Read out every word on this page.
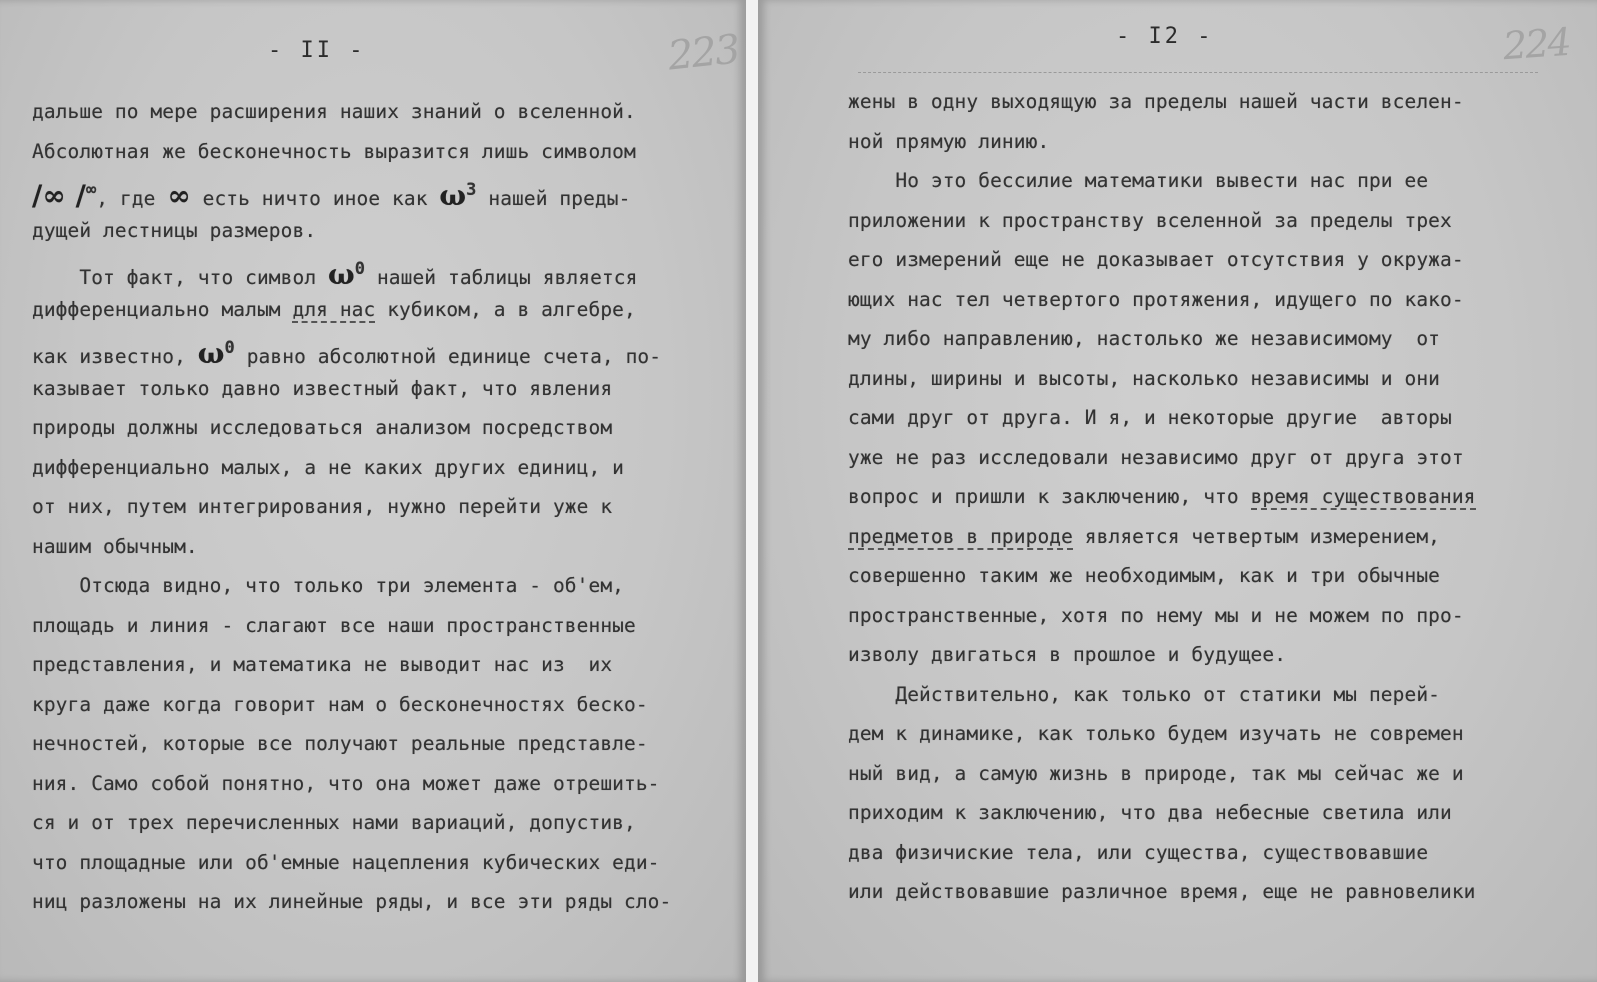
- II -	223
дальше по мере расширения наших знаний о вселенной.
Абсолютная же бесконечность выразится лишь символом
/∞ /∞, где ∞ есть ничто иное как ω3 нашей преды-
дущей лестницы размеров.
Тот факт, что символ ω0 нашей таблицы является
дифференциально малым для нас кубиком, а в алгебре,
как известно, ω0 равно абсолютной единице счета, по-
казывает только давно известный факт, что явления
природы должны исследоваться анализом посредством
дифференциально малых, а не каких других единиц, и
от них, путем интегрирования, нужно перейти уже к
нашим обычным.
Отсюда видно, что только три элемента - об'ем,
площадь и линия - слагают все наши пространственные
представления, и математика не выводит нас из  их
круга даже когда говорит нам о бесконечностях беско-
нечностей, которые все получают реальные представле-
ния. Само собой понятно, что она может даже отрешить-
ся и от трех перечисленных нами вариаций, допустив,
что площадные или об'емные нацепления кубических еди-
ниц разложены на их линейные ряды, и все эти ряды сло-
- I2 -	224
жены в одну выходящую за пределы нашей части вселен-
ной прямую линию.
Но это бессилие математики вывести нас при ее
приложении к пространству вселенной за пределы трех
его измерений еще не доказывает отсутствия у окружа-
ющих нас тел четвертого протяжения, идущего по како-
му либо направлению, настолько же независимому  от
длины, ширины и высоты, насколько независимы и они
сами друг от друга. И я, и некоторые другие  авторы
уже не раз исследовали независимо друг от друга этот
вопрос и пришли к заключению, что время существования
предметов в природе является четвертым измерением,
совершенно таким же необходимым, как и три обычные
пространственные, хотя по нему мы и не можем по про-
изволу двигаться в прошлое и будущее.
Действительно, как только от статики мы перей-
дем к динамике, как только будем изучать не современ
ный вид, а самую жизнь в природе, так мы сейчас же и
приходим к заключению, что два небесные светила или
два физичиские тела, или существа, существовавшие
или действовавшие различное время, еще не равновелики
